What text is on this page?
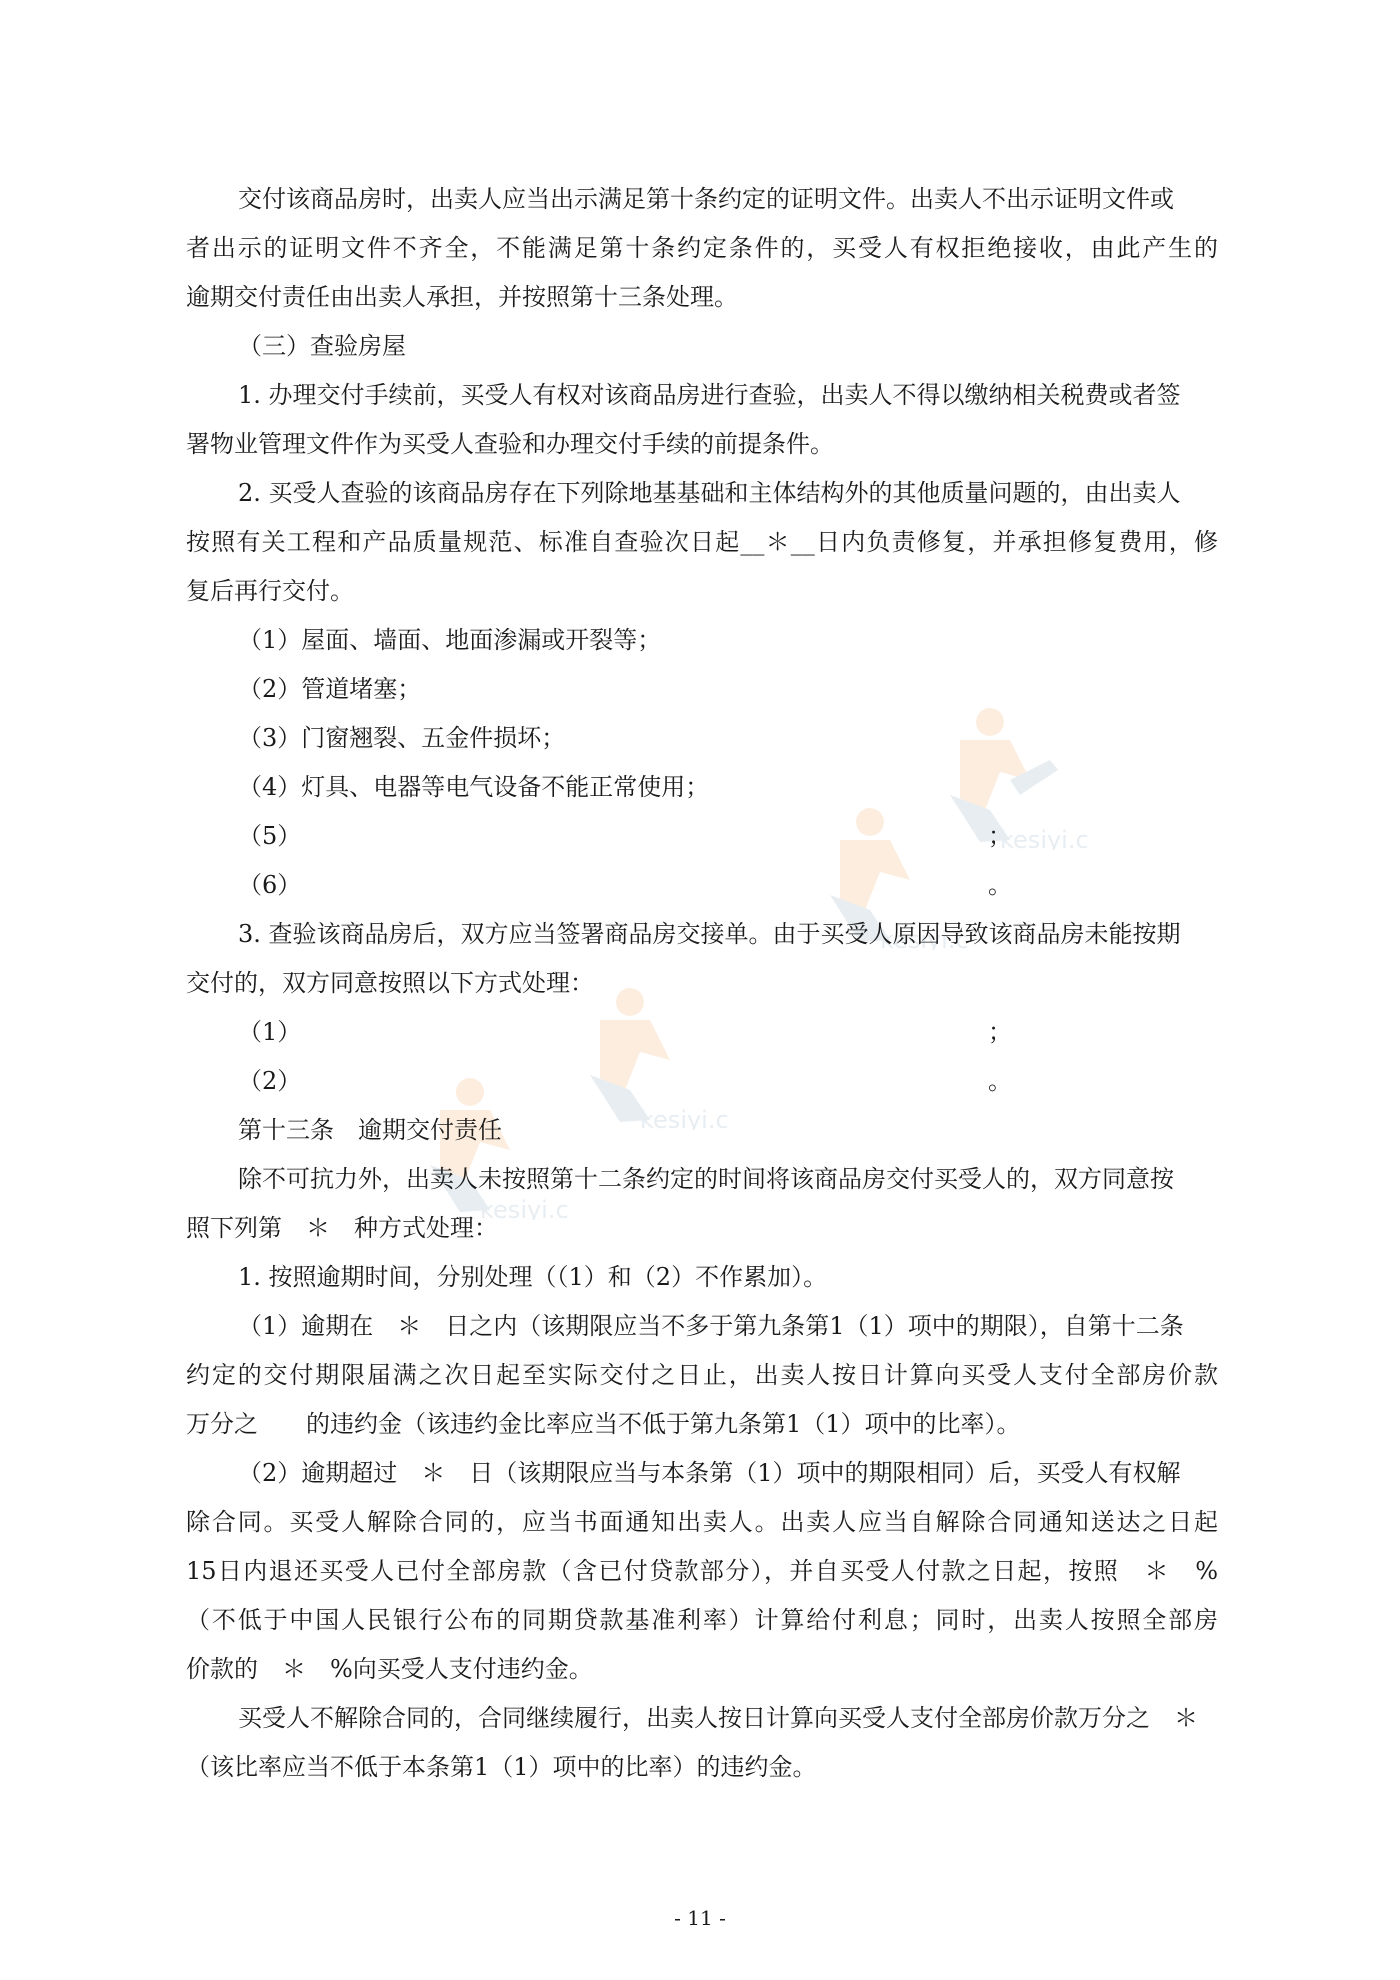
kesiyi.c
kesiyi.c
kesiyi.c
kesiyi.c

交付该商品房时，出卖人应当出示满足第十条约定的证明文件。出卖人不出示证明文件或

者出示的证明文件不齐全，不能满足第十条约定条件的，买受人有权拒绝接收，由此产生的

逾期交付责任由出卖人承担，并按照第十三条处理。

（三）查验房屋

1. 办理交付手续前，买受人有权对该商品房进行查验，出卖人不得以缴纳相关税费或者签

署物业管理文件作为买受人查验和办理交付手续的前提条件。

2. 买受人查验的该商品房存在下列除地基基础和主体结构外的其他质量问题的，由出卖人

按照有关工程和产品质量规范、标准自查验次日起__＊__日内负责修复，并承担修复费用，修

复后再行交付。

（1）屋面、墙面、地面渗漏或开裂等；

（2）管道堵塞；

（3）门窗翘裂、五金件损坏；

（4）灯具、电器等电气设备不能正常使用；

（5）	；

（6）	。

3. 查验该商品房后，双方应当签署商品房交接单。由于买受人原因导致该商品房未能按期

交付的，双方同意按照以下方式处理：

（1）	；

（2）	。

第十三条　逾期交付责任

除不可抗力外，出卖人未按照第十二条约定的时间将该商品房交付买受人的，双方同意按

照下列第　＊　种方式处理：

1. 按照逾期时间，分别处理（（1）和（2）不作累加）。

（1）逾期在　＊　日之内（该期限应当不多于第九条第1（1）项中的期限），自第十二条

约定的交付期限届满之次日起至实际交付之日止，出卖人按日计算向买受人支付全部房价款

万分之　　的违约金（该违约金比率应当不低于第九条第1（1）项中的比率）。

（2）逾期超过　＊　日（该期限应当与本条第（1）项中的期限相同）后，买受人有权解

除合同。买受人解除合同的，应当书面通知出卖人。出卖人应当自解除合同通知送达之日起

15日内退还买受人已付全部房款（含已付贷款部分），并自买受人付款之日起，按照　＊　%

（不低于中国人民银行公布的同期贷款基准利率）计算给付利息；同时，出卖人按照全部房

价款的　＊　%向买受人支付违约金。

买受人不解除合同的，合同继续履行，出卖人按日计算向买受人支付全部房价款万分之　＊

（该比率应当不低于本条第1（1）项中的比率）的违约金。

- 11 -
